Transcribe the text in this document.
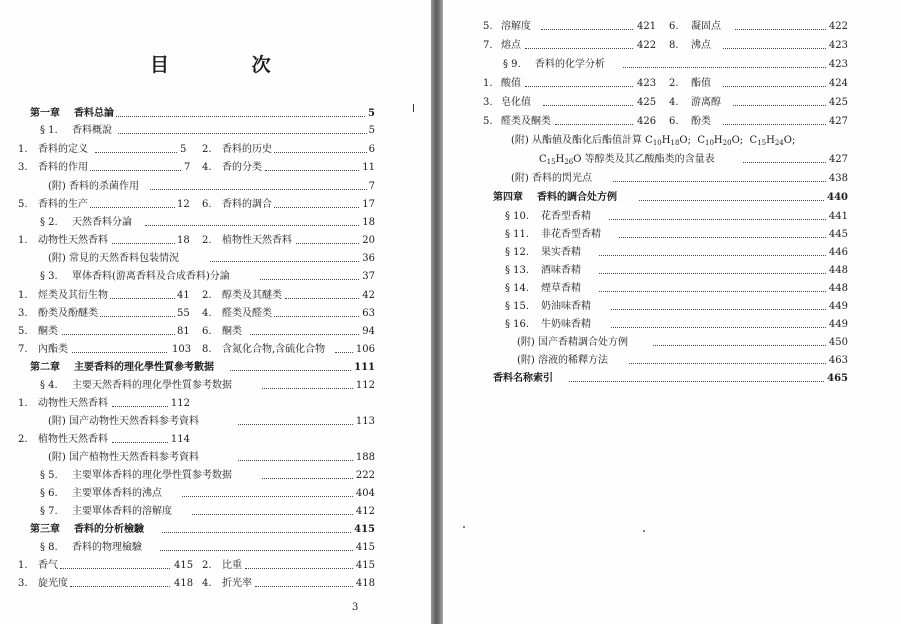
目 次
第一章 香料总論	5
§ 1. 香料概說	5
1. 香料的定义	5 2. 香料的历史	6
3. 香料的作用	7 4. 香的分类	11
(附) 香料的杀菌作用	7
5. 香料的生产	12 6. 香料的調合	17
§ 2. 天然香料分論	18
1. 动物性天然香料	18 2. 植物性天然香料	20
(附) 常見的天然香料包装情況	36
§ 3. 單体香料(游离香料及合成香料)分論	37
1. 烴类及其衍生物	41 2. 醇类及其醚类	42
3. 酚类及酚醚类	55 4. 醛类及醛类	63
5. 酮类	81 6. 酮类	94
7. 內酯类	103 8. 含氮化合物,含硫化合物	106
第二章 主要香料的理化學性質參考數据	111
§ 4. 主要天然香料的理化學性質参考数据	112
1. 动物性天然香料	112
(附) 国产动物性天然香料参考資料	113
2. 植物性天然香料	114
(附) 国产植物性天然香料参考資料	188
§ 5. 主要單体香料的理化學性質参考数据	222
§ 6. 主要單体香料的沸点	404
§ 7. 主要單体香料的溶解度	412
第三章 香料的分析檢驗	415
§ 8. 香料的物理檢驗	415
1. 香气	415 2. 比重	415
3. 旋光度	418 4. 折光率	418
3
5. 溶解度	421 6. 凝固点	422
7. 熔点	422 8. 沸点	423
§ 9. 香料的化学分析	423
1. 酸值	423 2. 酯值	424
3. 皂化值	425 4. 游离醇	425
5. 醛类及酮类	426 6. 酚类	427
(附) 从酯値及酯化后酯值計算 $C_{10}H_{18}O$; $C_{10}H_{20}O$; $C_{15}H_{24}O$;
$C_{15}H_{26}O$ 等醇类及其乙酸酯类的含量表	427
(附) 香料的閃光点	438
第四章 香料的調合处方例	440
§ 10. 花香型香精	441
§ 11. 非花香型香精	445
§ 12. 果实香精	446
§ 13. 酒味香精	448
§ 14. 煙草香精	448
§ 15. 奶油味香精	449
§ 16. 牛奶味香精	449
(附) 国产香精調合处方例	450
(附) 溶液的稀釋方法	463
香料名称索引	465
